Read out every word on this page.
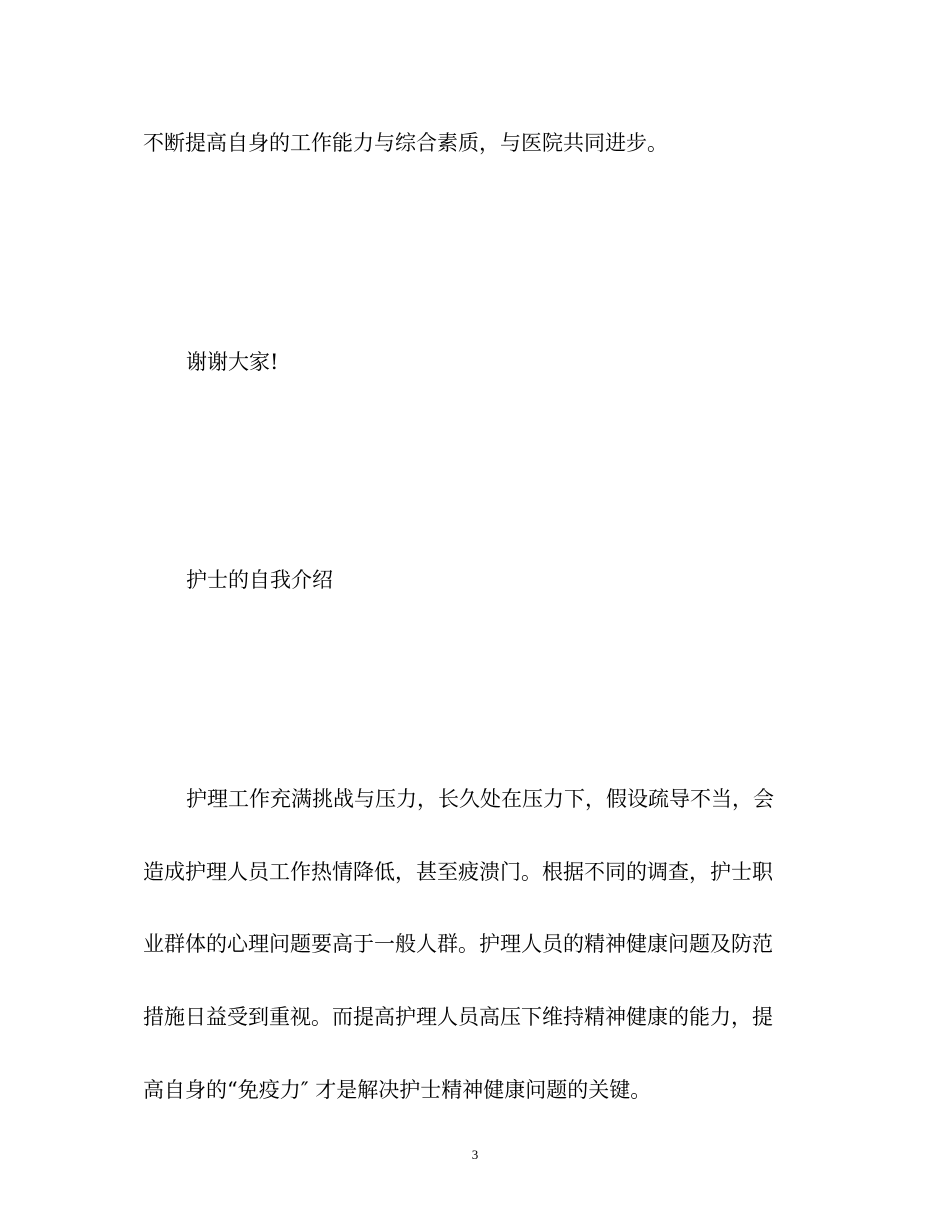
不断提高自身的工作能力与综合素质，与医院共同进步。

谢谢大家!

护士的自我介绍

护理工作充满挑战与压力，长久处在压力下，假设疏导不当，会

造成护理人员工作热情降低，甚至疲溃门。根据不同的调查，护士职

业群体的心理问题要高于一般人群。护理人员的精神健康问题及防范

措施日益受到重视。而提高护理人员高压下维持精神健康的能力，提

高自身的“免疫力″ 才是解决护士精神健康问题的关键。

3
